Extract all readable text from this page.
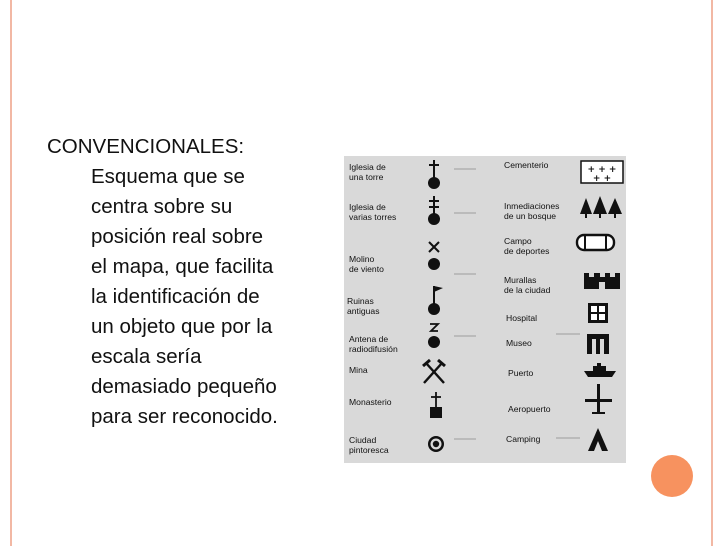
CONVENCIONALES:
Esquema que se
centra sobre su
posición real sobre
el mapa, que facilita
la identificación de
un objeto que por la
escala sería
demasiado pequeño
para ser reconocido.
+ + +
+ +
Iglesia de
una torre
Iglesia de
varias torres
Molino
de viento
Ruinas
antiguas
Antena de
radiodifusión
Mina
Monasterio
Ciudad
pintoresca
Cementerio
Inmediaciones
de un bosque
Campo
de deportes
Murallas
de la ciudad
Hospital
Museo
Puerto
Aeropuerto
Camping
